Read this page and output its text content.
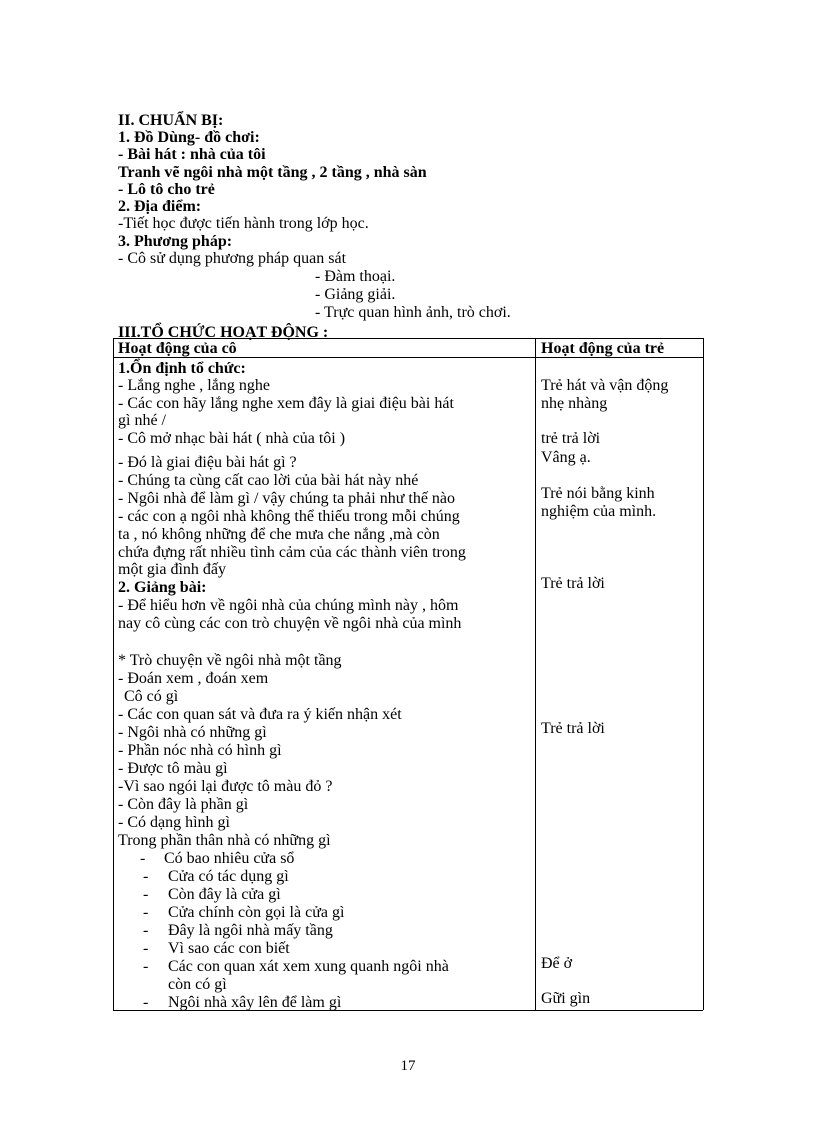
II. CHUẨN BỊ:
1. Đồ Dùng- đồ chơi:
- Bài hát : nhà của tôi
Tranh vẽ ngôi nhà một tầng , 2 tầng , nhà sàn
- Lô tô cho trẻ
2. Địa điểm:
-Tiết học được tiến hành trong lớp học.
3. Phương pháp:
- Cô sử dụng phương pháp quan sát
- Đàm thoại.
- Giảng giải.
- Trực quan hình ảnh, trò chơi.
III.TỔ CHỨC HOẠT ĐỘNG :
Hoạt động của cô	Hoạt động của trẻ
1.Ổn định tổ chức:
- Lắng nghe , lắng nghe
- Các con hãy lắng nghe xem đây là giai điệu bài hát
gì nhé /
- Cô mở nhạc bài hát ( nhà của tôi )
- Đó là giai điệu bài hát gì ?
- Chúng ta cùng cất cao lời của bài hát này nhé
- Ngôi nhà để làm gì / vậy chúng ta phải như thế nào
- các con ạ ngôi nhà không thể thiếu trong mỗi chúng
ta , nó không những để che mưa che nắng ,mà còn
chứa đựng rất nhiều tình cảm của các thành viên trong
một gia đình đấy
2. Giảng bài:
- Để hiểu hơn về ngôi nhà của chúng mình này , hôm
nay cô cùng các con trò chuyện về ngôi nhà của mình
* Trò chuyện về ngôi nhà một tầng
- Đoán xem , đoán xem
Cô có gì
- Các con quan sát và đưa ra ý kiến nhận xét
- Ngôi nhà có những gì
- Phần nóc nhà có hình gì
- Được tô màu gì
-Vì sao ngói lại được tô màu đỏ ?
- Còn đây là phần gì
- Có dạng hình gì
Trong phần thân nhà có những gì
- Có bao nhiêu cửa sổ
- Cửa có tác dụng gì
- Còn đây là cửa gì
- Cửa chính còn gọi là cửa gì
- Đây là ngôi nhà mấy tầng
- Vì sao các con biết
- Các con quan xát xem xung quanh ngôi nhà
còn có gì
- Ngôi nhà xây lên để làm gì
Trẻ hát và vận động
nhẹ nhàng
trẻ trả lời
Vâng ạ.
Trẻ nói bằng kinh
nghiệm của mình.
Trẻ trả lời
Trẻ trả lời
Để ở
Gữi gìn
17
